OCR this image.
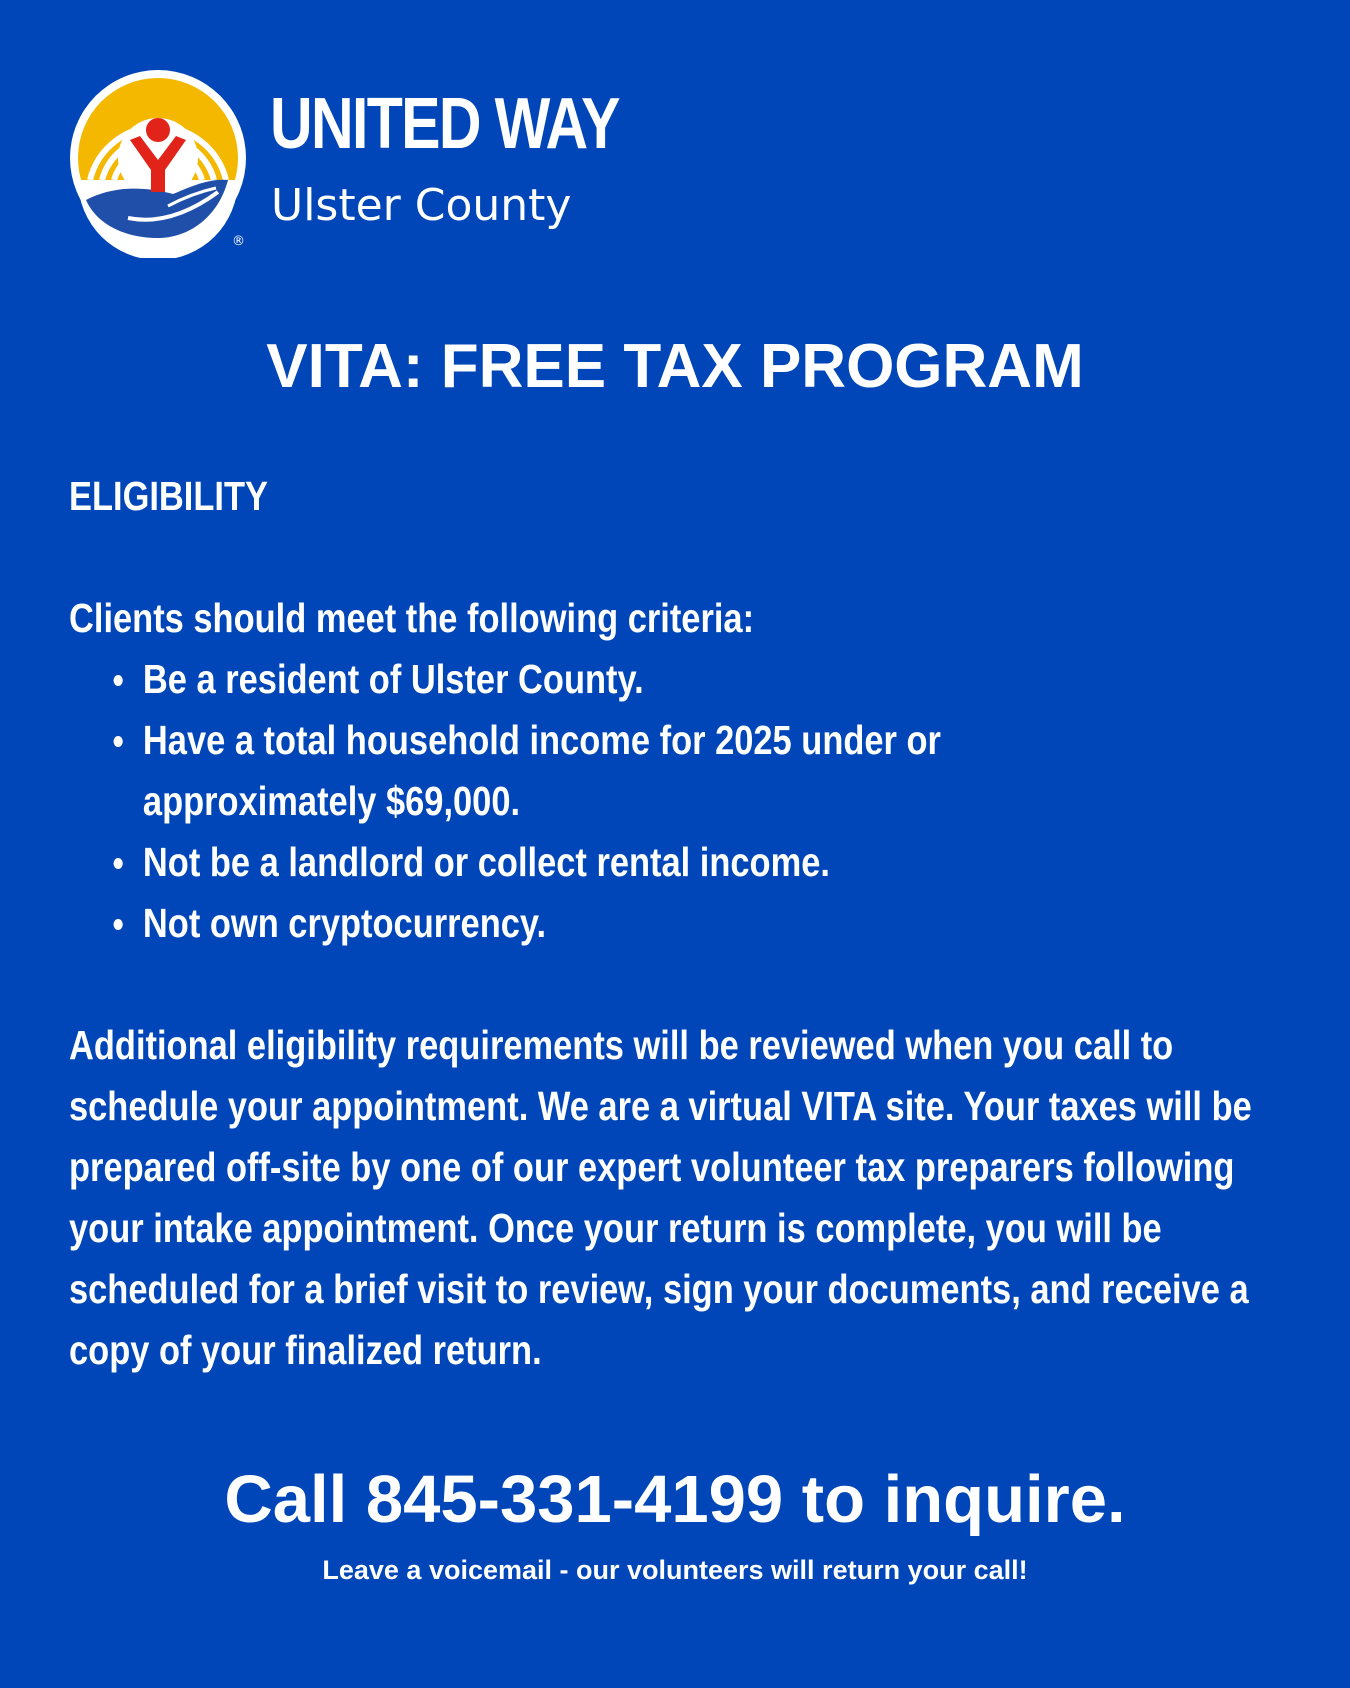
®
UNITED WAY
Ulster County
VITA: FREE TAX PROGRAM
ELIGIBILITY
Clients should meet the following criteria:
Be a resident of Ulster County.
Have a total household income for 2025 under or approximately $69,000.
Not be a landlord or collect rental income.
Not own cryptocurrency.

Additional eligibility requirements will be reviewed when you call to schedule your appointment. We are a virtual VITA site. Your taxes will be prepared off-site by one of our expert volunteer tax preparers following your intake appointment. Once your return is complete, you will be scheduled for a brief visit to review, sign your documents, and receive a copy of your finalized return.

Call 845-331-4199 to inquire.
Leave a voicemail - our volunteers will return your call!
